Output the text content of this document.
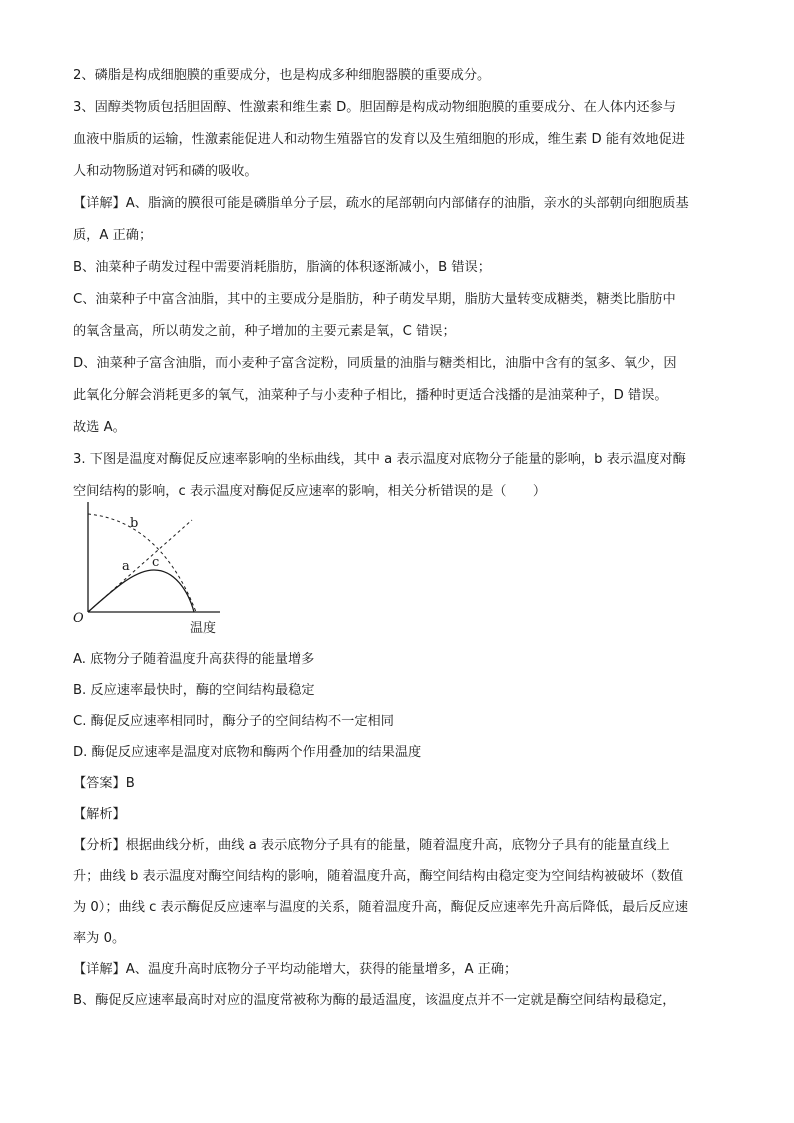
2、磷脂是构成细胞膜的重要成分，也是构成多种细胞器膜的重要成分。
3、固醇类物质包括胆固醇、性激素和维生素 D。胆固醇是构成动物细胞膜的重要成分、在人体内还参与
血液中脂质的运输，性激素能促进人和动物生殖器官的发育以及生殖细胞的形成，维生素 D 能有效地促进
人和动物肠道对钙和磷的吸收。
【详解】A、脂滴的膜很可能是磷脂单分子层，疏水的尾部朝向内部储存的油脂，亲水的头部朝向细胞质基
质，A 正确；
B、油菜种子萌发过程中需要消耗脂肪，脂滴的体积逐渐减小，B 错误；
C、油菜种子中富含油脂，其中的主要成分是脂肪，种子萌发早期，脂肪大量转变成糖类，糖类比脂肪中
的氧含量高，所以萌发之前，种子增加的主要元素是氧，C 错误；
D、油菜种子富含油脂，而小麦种子富含淀粉，同质量的油脂与糖类相比，油脂中含有的氢多、氧少，因
此氧化分解会消耗更多的氧气，油菜种子与小麦种子相比，播种时更适合浅播的是油菜种子，D 错误。
故选 A。
3. 下图是温度对酶促反应速率影响的坐标曲线，其中 a 表示温度对底物分子能量的影响，b 表示温度对酶
空间结构的影响，c 表示温度对酶促反应速率的影响，相关分析错误的是（　　）
b
a c
O
温度
A. 底物分子随着温度升高获得的能量增多
B. 反应速率最快时，酶的空间结构最稳定
C. 酶促反应速率相同时，酶分子的空间结构不一定相同
D. 酶促反应速率是温度对底物和酶两个作用叠加的结果温度
【答案】B
【解析】
【分析】根据曲线分析，曲线 a 表示底物分子具有的能量，随着温度升高，底物分子具有的能量直线上
升；曲线 b 表示温度对酶空间结构的影响，随着温度升高，酶空间结构由稳定变为空间结构被破坏（数值
为 0）；曲线 c 表示酶促反应速率与温度的关系，随着温度升高，酶促反应速率先升高后降低，最后反应速
率为 0。
【详解】A、温度升高时底物分子平均动能增大，获得的能量增多，A 正确；
B、酶促反应速率最高时对应的温度常被称为酶的最适温度，该温度点并不一定就是酶空间结构最稳定，
